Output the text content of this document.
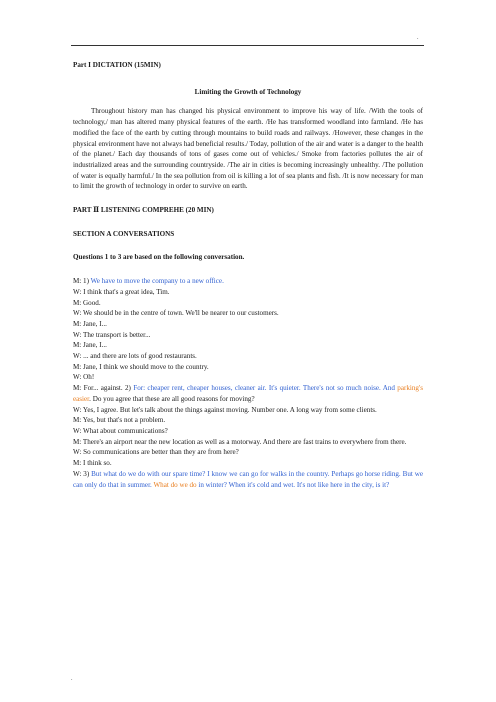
.

Part I DICTATION (15MIN)

Limiting the Growth of Technology

Throughout history man has changed his physical environment to improve his way of life. /With the tools of technology,/ man has altered many physical features of the earth. /He has transformed woodland into farmland. /He has modified the face of the earth by cutting through mountains to build roads and railways. /However, these changes in the physical environment have not always had beneficial results./ Today, pollution of the air and water is a danger to the health of the planet./ Each day thousands of tons of gases come out of vehicles./ Smoke from factories pollutes the air of industrialized areas and the surrounding countryside. /The air in cities is becoming increasingly unhealthy. /The pollution of water is equally harmful./ In the sea pollution from oil is killing a lot of sea plants and fish. /It is now necessary for man to limit the growth of technology in order to survive on earth.

PART Ⅱ LISTENING COMPREHE (20 MIN)

SECTION A CONVERSATIONS

Questions 1 to 3 are based on the following conversation.

M: 1) We have to move the company to a new office.

W: I think that's a great idea, Tim.

M: Good.

W: We should be in the centre of town. We'll be nearer to our customers.

M: Jane, I...

W: The transport is better...

M: Jane, I...

W: ... and there are lots of good restaurants.

M: Jane, I think we should move to the country.

W: Oh!

M: For... against. 2) For: cheaper rent, cheaper houses, cleaner air. It's quieter. There's not so much noise. And parking's easier. Do you agree that these are all good reasons for moving?

W: Yes, I agree. But let's talk about the things against moving. Number one. A long way from some clients.

M: Yes, but that's not a problem.

W: What about communications?

M: There's an airport near the new location as well as a motorway. And there are fast trains to everywhere from there.

W: So communications are better than they are from here?

M: I think so.

W: 3) But what do we do with our spare time? I know we can go for walks in the country. Perhaps go horse riding. But we can only do that in summer. What do we do in winter? When it's cold and wet. It's not like here in the city, is it?

.
